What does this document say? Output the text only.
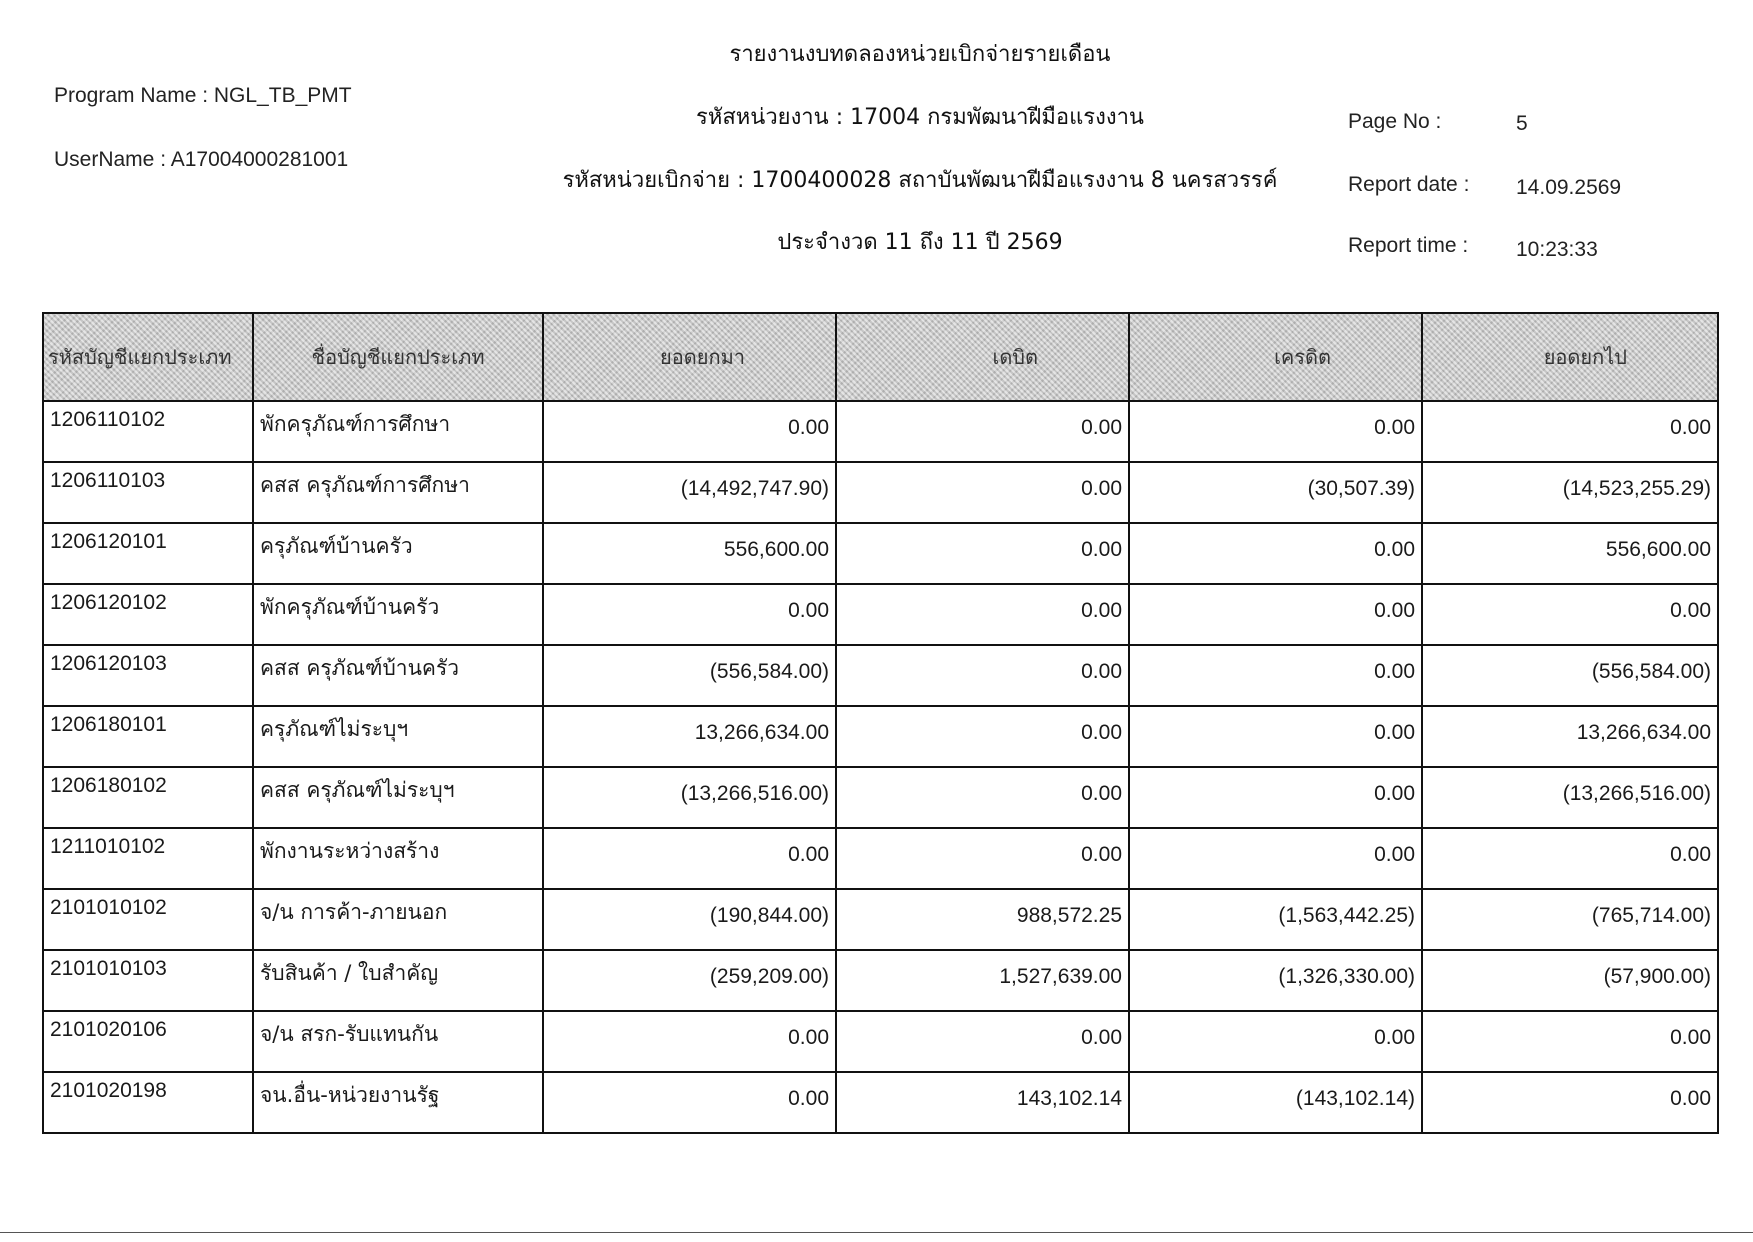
Program Name : NGL_TB_PMT
UserName : A17004000281001
รายงานงบทดลองหน่วยเบิกจ่ายรายเดือน
รหัสหน่วยงาน : 17004 กรมพัฒนาฝีมือแรงงาน
รหัสหน่วยเบิกจ่าย : 1700400028 สถาบันพัฒนาฝีมือแรงงาน 8 นครสวรรค์
ประจำงวด 11 ถึง 11 ปี 2569
Page No :	5
Report date : 14.09.2569
Report time : 10:23:33
รหัสบัญชีแยกประเภท	ชื่อบัญชีแยกประเภท	ยอดยกมา	เดบิต	เครดิต	ยอดยกไป
1206110102	พักครุภัณฑ์การศึกษา	0.00	0.00	0.00	0.00
1206110103	คสส ครุภัณฑ์การศึกษา	(14,492,747.90)	0.00	(30,507.39)	(14,523,255.29)
1206120101	ครุภัณฑ์บ้านครัว	556,600.00	0.00	0.00	556,600.00
1206120102	พักครุภัณฑ์บ้านครัว	0.00	0.00	0.00	0.00
1206120103	คสส ครุภัณฑ์บ้านครัว	(556,584.00)	0.00	0.00	(556,584.00)
1206180101	ครุภัณฑ์ไม่ระบุฯ	13,266,634.00	0.00	0.00	13,266,634.00
1206180102	คสส ครุภัณฑ์ไม่ระบุฯ	(13,266,516.00)	0.00	0.00	(13,266,516.00)
1211010102	พักงานระหว่างสร้าง	0.00	0.00	0.00	0.00
2101010102	จ/น การค้า-ภายนอก	(190,844.00)	988,572.25	(1,563,442.25)	(765,714.00)
2101010103	รับสินค้า / ใบสำคัญ	(259,209.00)	1,527,639.00	(1,326,330.00)	(57,900.00)
2101020106	จ/น สรก-รับแทนกัน	0.00	0.00	0.00	0.00
2101020198	จน.อื่น-หน่วยงานรัฐ	0.00	143,102.14	(143,102.14)	0.00
